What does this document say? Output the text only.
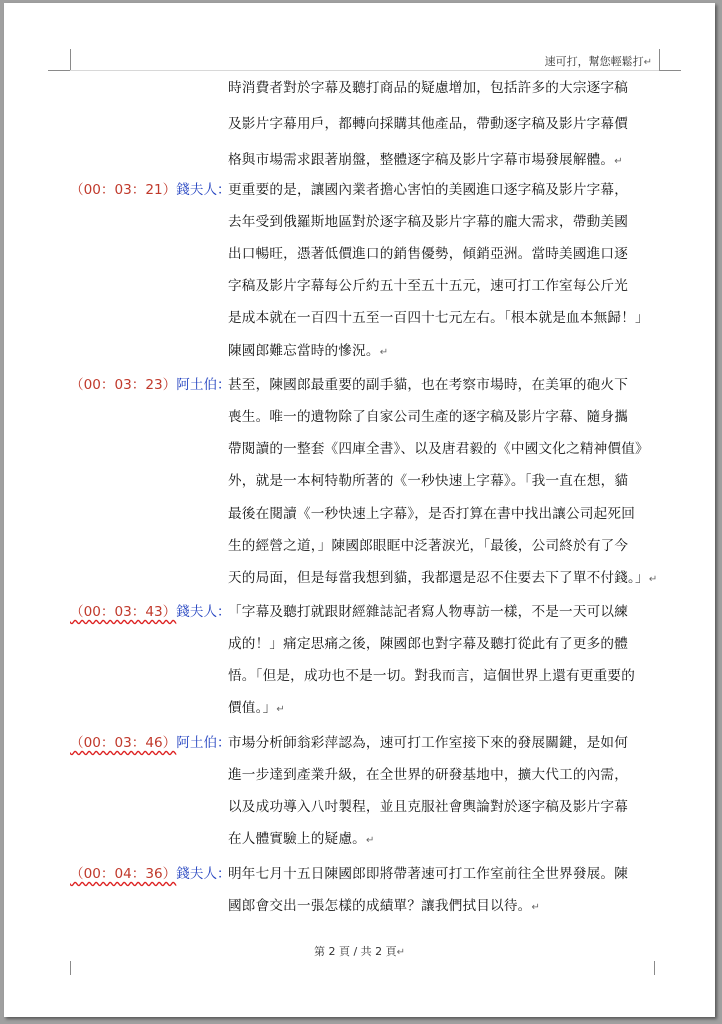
速可打，幫您輕鬆打↵
時消費者對於字幕及聽打商品的疑慮增加，包括許多的大宗逐字稿
及影片字幕用戶，都轉向採購其他產品，帶動逐字稿及影片字幕價
格與市場需求跟著崩盤，整體逐字稿及影片字幕市場發展解體。↵
（00：03：21）錢夫人：
更重要的是，讓國內業者擔心害怕的美國進口逐字稿及影片字幕，
去年受到俄羅斯地區對於逐字稿及影片字幕的龐大需求，帶動美國
出口暢旺，憑著低價進口的銷售優勢，傾銷亞洲。當時美國進口逐
字稿及影片字幕每公斤約五十至五十五元，速可打工作室每公斤光
是成本就在一百四十五至一百四十七元左右。「根本就是血本無歸！」
陳國郎難忘當時的慘況。↵
（00：03：23）阿土伯：
甚至，陳國郎最重要的副手貓，也在考察市場時，在美軍的砲火下
喪生。唯一的遺物除了自家公司生產的逐字稿及影片字幕、隨身攜
帶閱讀的一整套《四庫全書》、以及唐君毅的《中國文化之精神價值》
外，就是一本柯特勒所著的《一秒快速上字幕》。「我一直在想，貓
最後在閱讀《一秒快速上字幕》，是否打算在書中找出讓公司起死回
生的經營之道，」陳國郎眼眶中泛著淚光，「最後，公司終於有了今
天的局面，但是每當我想到貓，我都還是忍不住要去下了單不付錢。」↵
（00：03：43）錢夫人：
「字幕及聽打就跟財經雜誌記者寫人物專訪一樣，不是一天可以練
成的！」痛定思痛之後，陳國郎也對字幕及聽打從此有了更多的體
悟。「但是，成功也不是一切。對我而言，這個世界上還有更重要的
價值。」↵
（00：03：46）阿土伯：
市場分析師翁彩萍認為，速可打工作室接下來的發展關鍵，是如何
進一步達到產業升級，在全世界的研發基地中，擴大代工的內需，
以及成功導入八吋製程，並且克服社會輿論對於逐字稿及影片字幕
在人體實驗上的疑慮。↵
（00：04：36）錢夫人：
明年七月十五日陳國郎即將帶著速可打工作室前往全世界發展。陳
國郎會交出一張怎樣的成績單？讓我們拭目以待。↵
第 2 頁 / 共 2 頁↵
